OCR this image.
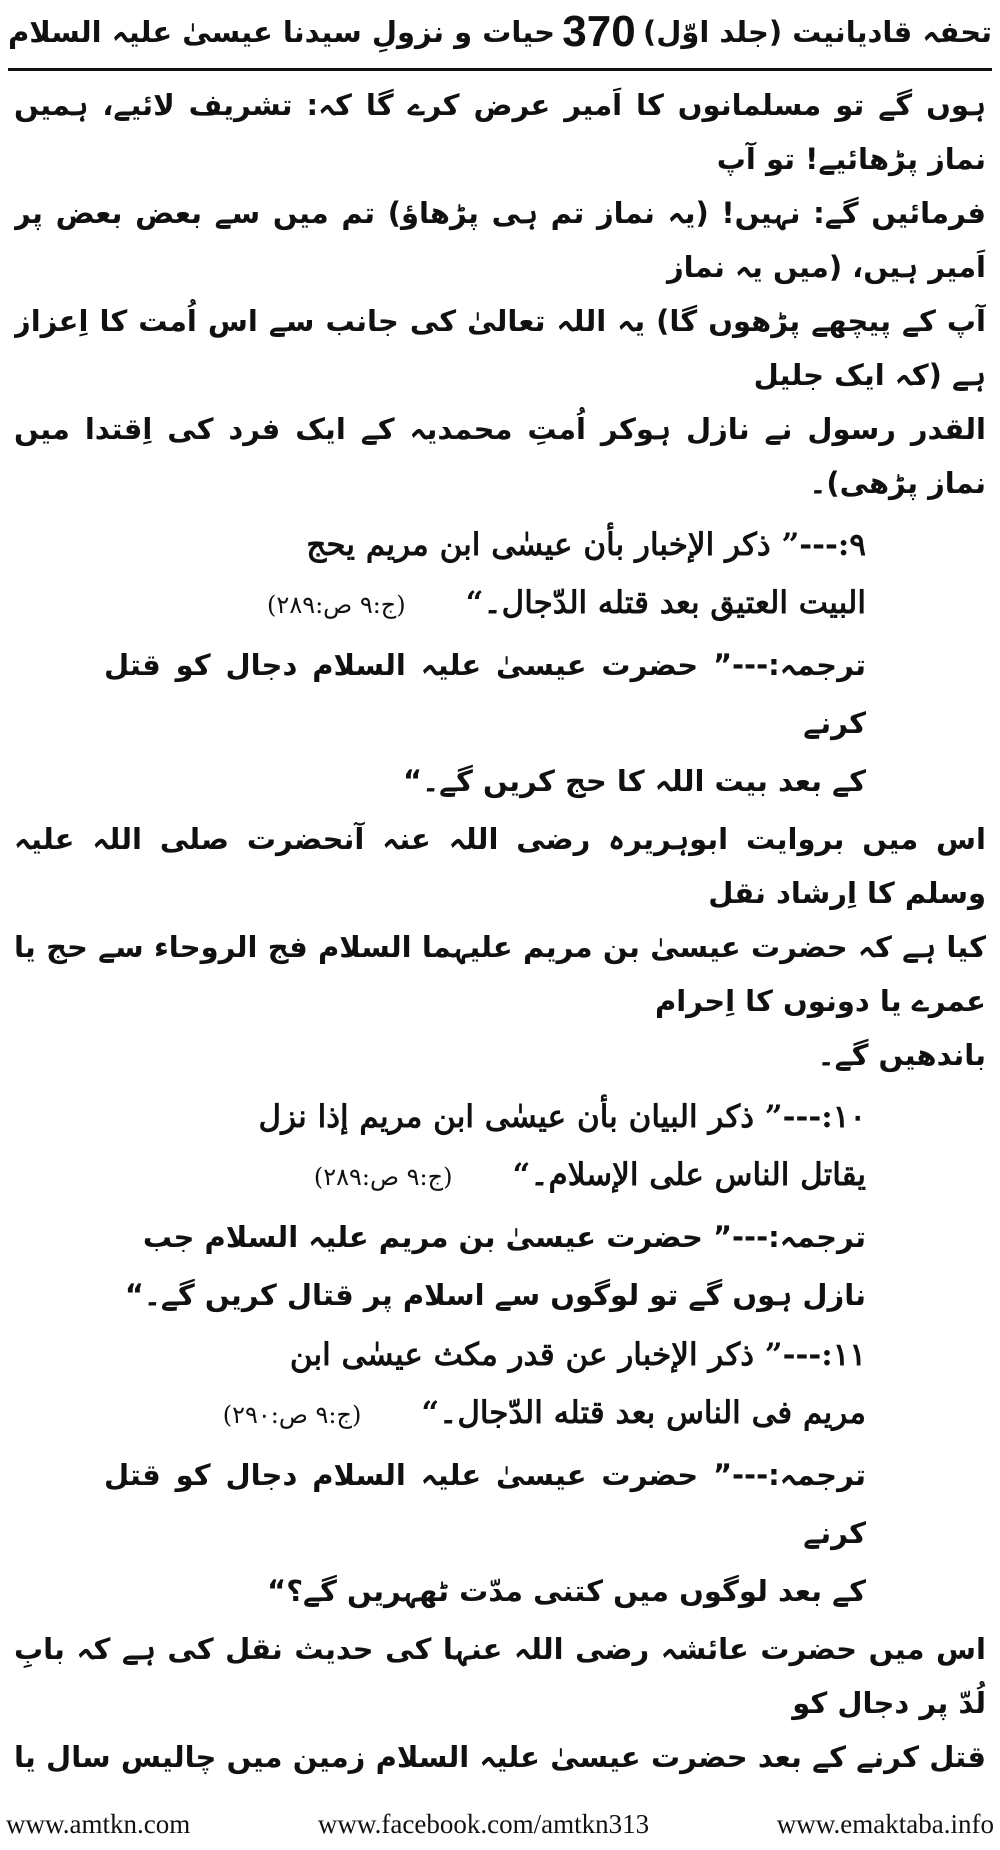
تحفہ قادیانیت (جلد اوّل)
370
حیات و نزولِ سیدنا عیسیٰ علیہ السلام

ہوں گے تو مسلمانوں کا اَمیر عرض کرے گا کہ: تشریف لائیے، ہمیں نماز پڑھائیے! تو آپ
فرمائیں گے: نہیں! (یہ نماز تم ہی پڑھاؤ) تم میں سے بعض بعض پر اَمیر ہیں، (میں یہ نماز
آپ کے پیچھے پڑھوں گا) یہ اللہ تعالیٰ کی جانب سے اس اُمت کا اِعزاز ہے (کہ ایک جلیل
القدر رسول نے نازل ہوکر اُمتِ محمدیہ کے ایک فرد کی اِقتدا میں نماز پڑھی)۔

۹:---” ذکر الإخبار بأن عیسٰی ابن مریم یحج
البیت العتیق بعد قتله الدّجال۔“(ج:۹ ص:۲۸۹)
ترجمہ:---” حضرت عیسیٰ علیہ السلام دجال کو قتل کرنے
کے بعد بیت اللہ کا حج کریں گے۔“

اس میں بروایت ابوہریرہ رضی اللہ عنہ آنحضرت صلی اللہ علیہ وسلم کا اِرشاد نقل
کیا ہے کہ حضرت عیسیٰ بن مریم علیہما السلام فج الروحاء سے حج یا عمرے یا دونوں کا اِحرام
باندھیں گے۔

۱۰:---” ذکر البیان بأن عیسٰی ابن مریم إذا نزل
یقاتل الناس علی الإسلام۔“(ج:۹ ص:۲۸۹)
ترجمہ:---” حضرت عیسیٰ بن مریم علیہ السلام جب
نازل ہوں گے تو لوگوں سے اسلام پر قتال کریں گے۔“
۱۱:---” ذکر الإخبار عن قدر مکث عیسٰی ابن
مریم فی الناس بعد قتله الدّجال۔“(ج:۹ ص:۲۹۰)
ترجمہ:---” حضرت عیسیٰ علیہ السلام دجال کو قتل کرنے
کے بعد لوگوں میں کتنی مدّت ٹھہریں گے؟“

اس میں حضرت عائشہ رضی اللہ عنہا کی حدیث نقل کی ہے کہ بابِ لُدّ پر دجال کو
قتل کرنے کے بعد حضرت عیسیٰ علیہ السلام زمین میں چالیس سال یا

www.amtkn.com	www.facebook.com/amtkn313	www.emaktaba.info
